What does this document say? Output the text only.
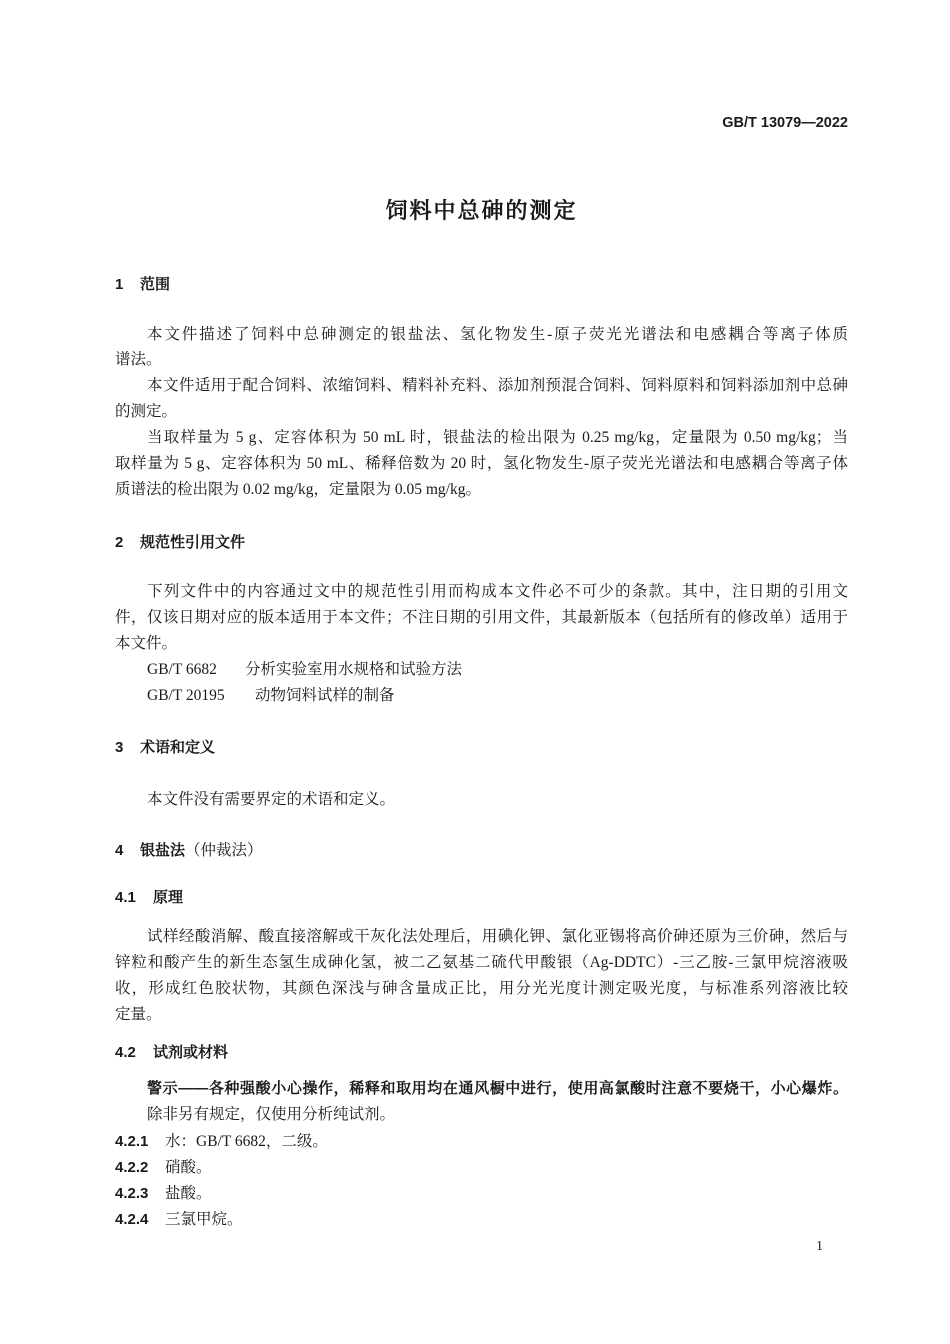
GB/T 13079—2022
饲料中总砷的测定
1 范围
本文件描述了饲料中总砷测定的银盐法、氢化物发生-原子荧光光谱法和电感耦合等离子体质
谱法。
本文件适用于配合饲料、浓缩饲料、精料补充料、添加剂预混合饲料、饲料原料和饲料添加剂中总砷
的测定。
当取样量为 5 g、定容体积为 50 mL 时，银盐法的检出限为 0.25 mg/kg，定量限为 0.50 mg/kg；当
取样量为 5 g、定容体积为 50 mL、稀释倍数为 20 时，氢化物发生-原子荧光光谱法和电感耦合等离子体
质谱法的检出限为 0.02 mg/kg，定量限为 0.05 mg/kg。
2 规范性引用文件
下列文件中的内容通过文中的规范性引用而构成本文件必不可少的条款。其中，注日期的引用文
件，仅该日期对应的版本适用于本文件；不注日期的引用文件，其最新版本（包括所有的修改单）适用于
本文件。
GB/T 6682 分析实验室用水规格和试验方法
GB/T 20195 动物饲料试样的制备
3 术语和定义
本文件没有需要界定的术语和定义。
4 银盐法（仲裁法）
4.1 原理
试样经酸消解、酸直接溶解或干灰化法处理后，用碘化钾、氯化亚锡将高价砷还原为三价砷，然后与
锌粒和酸产生的新生态氢生成砷化氢，被二乙氨基二硫代甲酸银（Ag-DDTC）-三乙胺-三氯甲烷溶液吸
收，形成红色胶状物，其颜色深浅与砷含量成正比，用分光光度计测定吸光度，与标准系列溶液比较
定量。
4.2 试剂或材料
警示——各种强酸小心操作，稀释和取用均在通风橱中进行，使用高氯酸时注意不要烧干，小心爆炸。
除非另有规定，仅使用分析纯试剂。
4.2.1 水：GB/T 6682，二级。
4.2.2 硝酸。
4.2.3 盐酸。
4.2.4 三氯甲烷。
1
